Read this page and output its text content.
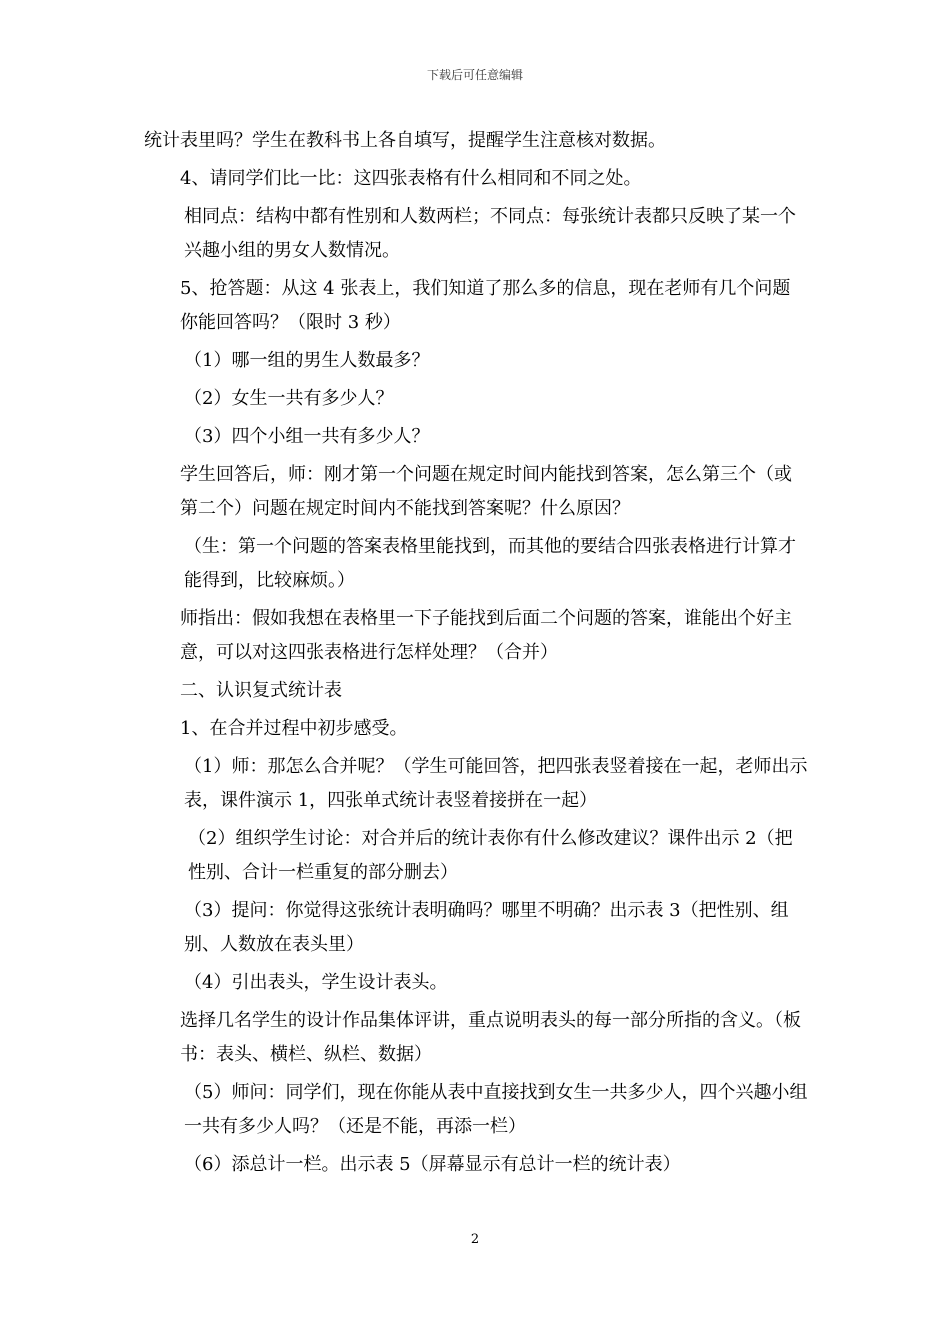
下载后可任意编辑

统计表里吗？学生在教科书上各自填写，提醒学生注意核对数据。

4、请同学们比一比：这四张表格有什么相同和不同之处。

相同点：结构中都有性别和人数两栏；不同点：每张统计表都只反映了某一个兴趣小组的男女人数情况。

5、抢答题：从这 4 张表上，我们知道了那么多的信息，现在老师有几个问题你能回答吗？（限时 3 秒）

（1）哪一组的男生人数最多？

（2）女生一共有多少人？

（3）四个小组一共有多少人？

学生回答后，师：刚才第一个问题在规定时间内能找到答案，怎么第三个（或第二个）问题在规定时间内不能找到答案呢？什么原因？

（生：第一个问题的答案表格里能找到，而其他的要结合四张表格进行计算才能得到，比较麻烦。）

师指出：假如我想在表格里一下子能找到后面二个问题的答案，谁能出个好主意，可以对这四张表格进行怎样处理？（合并）

二、认识复式统计表

1、在合并过程中初步感受。

（1）师：那怎么合并呢？（学生可能回答，把四张表竖着接在一起，老师出示表，课件演示 1，四张单式统计表竖着接拼在一起）

（2）组织学生讨论：对合并后的统计表你有什么修改建议？课件出示 2（把性别、合计一栏重复的部分删去）

（3）提问：你觉得这张统计表明确吗？哪里不明确？出示表 3（把性别、组别、人数放在表头里）

（4）引出表头，学生设计表头。

选择几名学生的设计作品集体评讲，重点说明表头的每一部分所指的含义。（板书：表头、横栏、纵栏、数据）

（5）师问：同学们，现在你能从表中直接找到女生一共多少人，四个兴趣小组一共有多少人吗？（还是不能，再添一栏）

（6）添总计一栏。出示表 5（屏幕显示有总计一栏的统计表）

2
